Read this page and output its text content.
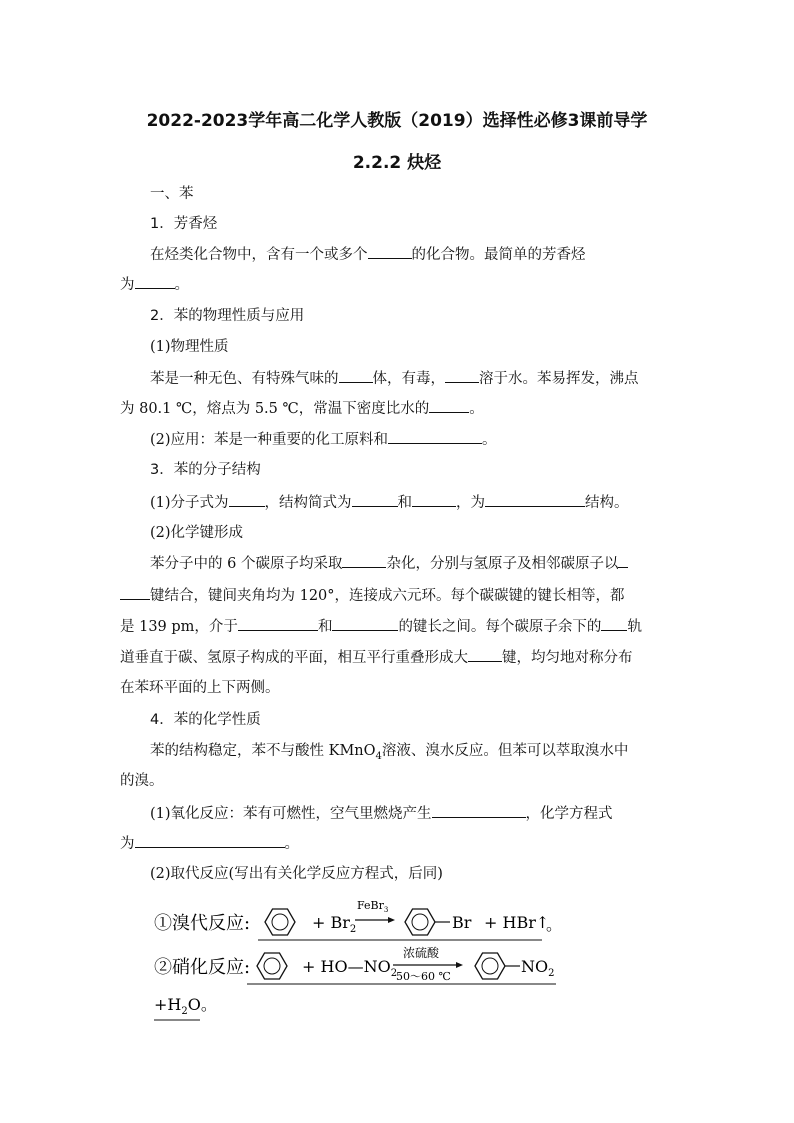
2022-2023学年高二化学人教版（2019）选择性必修3课前导学
2.2.2 炔烃
一、苯
1．芳香烃
在烃类化合物中，含有一个或多个	的化合物。最简单的芳香烃
为	。
2．苯的物理性质与应用
(1)物理性质
苯是一种无色、有特殊气味的 体，有毒， 溶于水。苯易挥发，沸点
为 80.1 ℃，熔点为 5.5 ℃，常温下密度比水的	。
(2)应用：苯是一种重要的化工原料和	。
3．苯的分子结构
(1)分子式为 ，结构简式为	和	，为	结构。
(2)化学键形成
苯分子中的 6 个碳原子均采取	杂化，分别与氢原子及相邻碳原子以
键结合，键间夹角均为 120°，连接成六元环。每个碳碳键的键长相等，都
是 139 pm，介于	和	的键长之间。每个碳原子余下的 轨
道垂直于碳、氢原子构成的平面，相互平行重叠形成大 键，均匀地对称分布
在苯环平面的上下两侧。
4．苯的化学性质
苯的结构稳定，苯不与酸性 KMnO$_4$溶液、溴水反应。但苯可以萃取溴水中
的溴。
(1)氧化反应：苯有可燃性，空气里燃烧产生	，化学方程式
为	。
(2)取代反应(写出有关化学反应方程式，后同)
①溴代反应:	+ $Br_2$
FeBr$_3$
Br + HBr↑
。
②硝化反应:	+ $HO—NO_2$
浓硫酸
50～60 ℃
$NO_2$
$+H_2O$。
